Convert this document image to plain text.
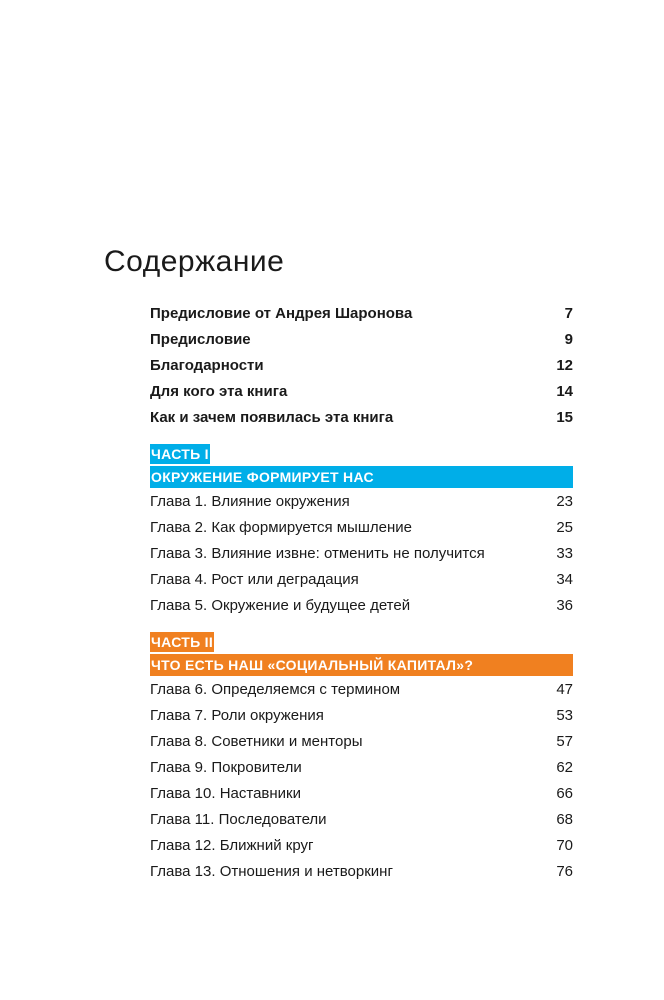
Содержание
Предисловие от Андрея Шаронова	7
Предисловие	9
Благодарности	12
Для кого эта книга	14
Как и зачем появилась эта книга	15
ЧАСТЬ I
ОКРУЖЕНИЕ ФОРМИРУЕТ НАС
Глава 1. Влияние окружения	23
Глава 2. Как формируется мышление	25
Глава 3. Влияние извне: отменить не получится	33
Глава 4. Рост или деградация	34
Глава 5. Окружение и будущее детей	36
ЧАСТЬ II
ЧТО ЕСТЬ НАШ «СОЦИАЛЬНЫЙ КАПИТАЛ»?
Глава 6. Определяемся с термином	47
Глава 7. Роли окружения	53
Глава 8. Советники и менторы	57
Глава 9. Покровители	62
Глава 10. Наставники	66
Глава 11. Последователи	68
Глава 12. Ближний круг	70
Глава 13. Отношения и нетворкинг	76
